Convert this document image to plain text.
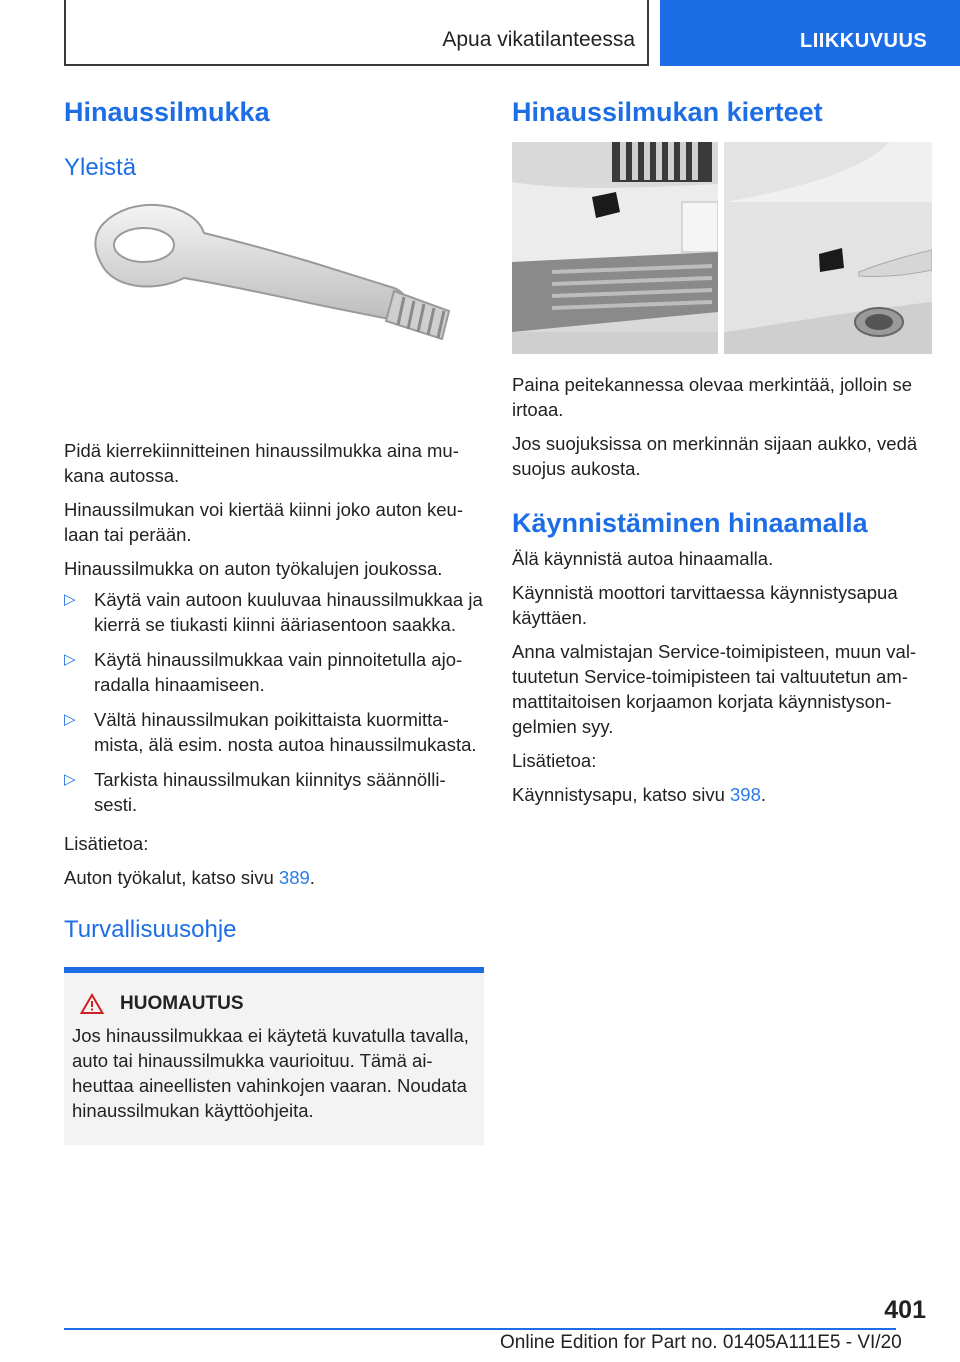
Apua vikatilanteessa	LIIKKUVUUS
Hinaussilmukka
Yleistä

Pidä kierrekiinnitteinen hinaussilmukka aina mu-kana autossa.

Hinaussilmukan voi kiertää kiinni joko auton keu-laan tai perään.

Hinaussilmukka on auton työkalujen joukossa.

▷ Käytä vain autoon kuuluvaa hinaussilmukkaa ja kierrä se tiukasti kiinni ääriasentoon saakka.
▷ Käytä hinaussilmukkaa vain pinnoitetulla ajo-radalla hinaamiseen.
▷ Vältä hinaussilmukan poikittaista kuormitta-mista, älä esim. nosta autoa hinaussilmukasta.
▷ Tarkista hinaussilmukan kiinnitys säännölli-sesti.

Lisätietoa:

Auton työkalut, katso sivu 389.

Turvallisuusohje
HUOMAUTUS

Jos hinaussilmukkaa ei käytetä kuvatulla tavalla, auto tai hinaussilmukka vaurioituu. Tämä ai-heuttaa aineellisten vahinkojen vaaran. Noudata hinaussilmukan käyttöohjeita.

Hinaussilmukan kierteet

Paina peitekannessa olevaa merkintää, jolloin se irtoaa.

Jos suojuksissa on merkinnän sijaan aukko, vedä suojus aukosta.

Käynnistäminen hinaamalla

Älä käynnistä autoa hinaamalla.

Käynnistä moottori tarvittaessa käynnistysapua käyttäen.

Anna valmistajan Service-toimipisteen, muun val-tuutetun Service-toimipisteen tai valtuutetun am-mattitaitoisen korjaamon korjata käynnistyson-gelmien syy.

Lisätietoa:

Käynnistysapu, katso sivu 398.

401
Online Edition for Part no. 01405A111E5 - VI/20
